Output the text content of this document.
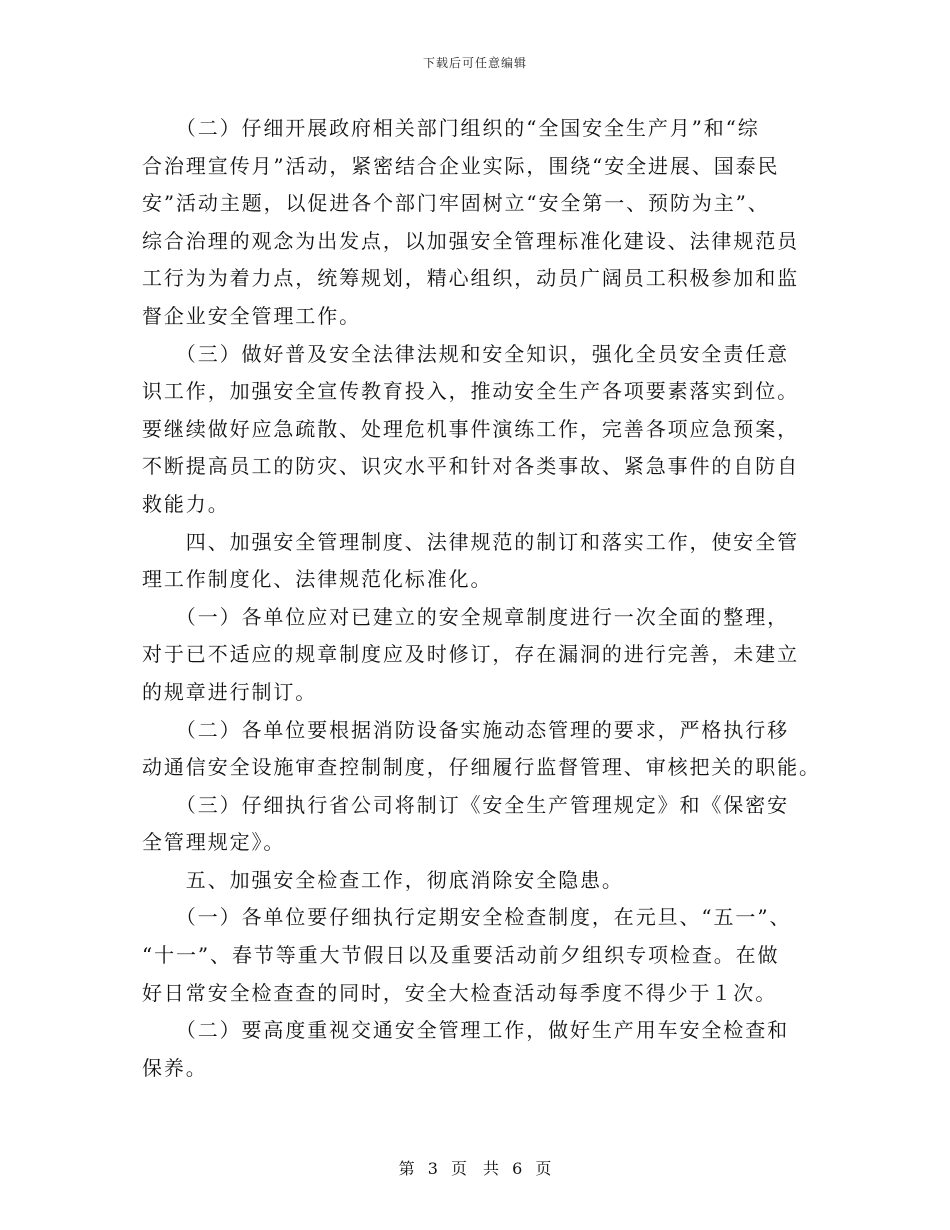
下载后可任意编辑

　　（二）仔细开展政府相关部门组织的“全国安全生产月”和“综
合治理宣传月”活动，紧密结合企业实际，围绕“安全进展、国泰民
安”活动主题，以促进各个部门牢固树立“安全第一、预防为主”、
综合治理的观念为出发点，以加强安全管理标准化建设、法律规范员
工行为为着力点，统筹规划，精心组织，动员广阔员工积极参加和监
督企业安全管理工作。

　　（三）做好普及安全法律法规和安全知识，强化全员安全责任意
识工作，加强安全宣传教育投入，推动安全生产各项要素落实到位。
要继续做好应急疏散、处理危机事件演练工作，完善各项应急预案，
不断提高员工的防灾、识灾水平和针对各类事故、紧急事件的自防自
救能力。

　　四、加强安全管理制度、法律规范的制订和落实工作，使安全管
理工作制度化、法律规范化标准化。

　　（一）各单位应对已建立的安全规章制度进行一次全面的整理，
对于已不适应的规章制度应及时修订，存在漏洞的进行完善，未建立
的规章进行制订。

　　（二）各单位要根据消防设备实施动态管理的要求，严格执行移
动通信安全设施审查控制制度，仔细履行监督管理、审核把关的职能。

　　（三）仔细执行省公司将制订《安全生产管理规定》和《保密安
全管理规定》。

　　五、加强安全检查工作，彻底消除安全隐患。

　　（一）各单位要仔细执行定期安全检查制度，在元旦、“五一”、
“十一”、春节等重大节假日以及重要活动前夕组织专项检查。在做
好日常安全检查查的同时，安全大检查活动每季度不得少于１次。

　　（二）要高度重视交通安全管理工作，做好生产用车安全检查和
保养。

第 3 页　共 6 页
